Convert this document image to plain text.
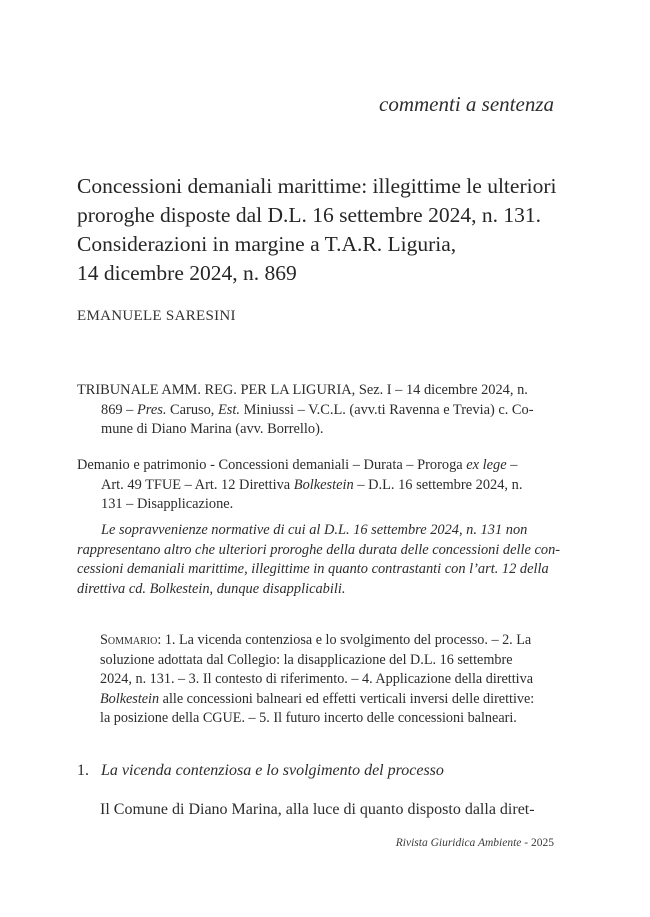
commenti a sentenza
Concessioni demaniali marittime: illegittime le ulteriori
proroghe disposte dal D.L. 16 settembre 2024, n. 131.
Considerazioni in margine a T.A.R. Liguria,
14 dicembre 2024, n. 869
EMANUELE SARESINI
TRIBUNALE AMM. REG. PER LA LIGURIA, Sez. I – 14 dicembre 2024, n.
869 – Pres. Caruso, Est. Miniussi – V.C.L. (avv.ti Ravenna e Trevia) c. Co-
mune di Diano Marina (avv. Borrello).
Demanio e patrimonio - Concessioni demaniali – Durata – Proroga ex lege –
Art. 49 TFUE – Art. 12 Direttiva Bolkestein – D.L. 16 settembre 2024, n.
131 – Disapplicazione.
Le sopravvenienze normative di cui al D.L. 16 settembre 2024, n. 131 non
rappresentano altro che ulteriori proroghe della durata delle concessioni delle con-
cessioni demaniali marittime, illegittime in quanto contrastanti con l’art. 12 della
direttiva cd. Bolkestein, dunque disapplicabili.
Sommario: 1. La vicenda contenziosa e lo svolgimento del processo. – 2. La
soluzione adottata dal Collegio: la disapplicazione del D.L. 16 settembre
2024, n. 131. – 3. Il contesto di riferimento. – 4. Applicazione della direttiva
Bolkestein alle concessioni balneari ed effetti verticali inversi delle direttive:
la posizione della CGUE. – 5. Il futuro incerto delle concessioni balneari.
1. La vicenda contenziosa e lo svolgimento del processo
Il Comune di Diano Marina, alla luce di quanto disposto dalla diret-
Rivista Giuridica Ambiente - 2025
